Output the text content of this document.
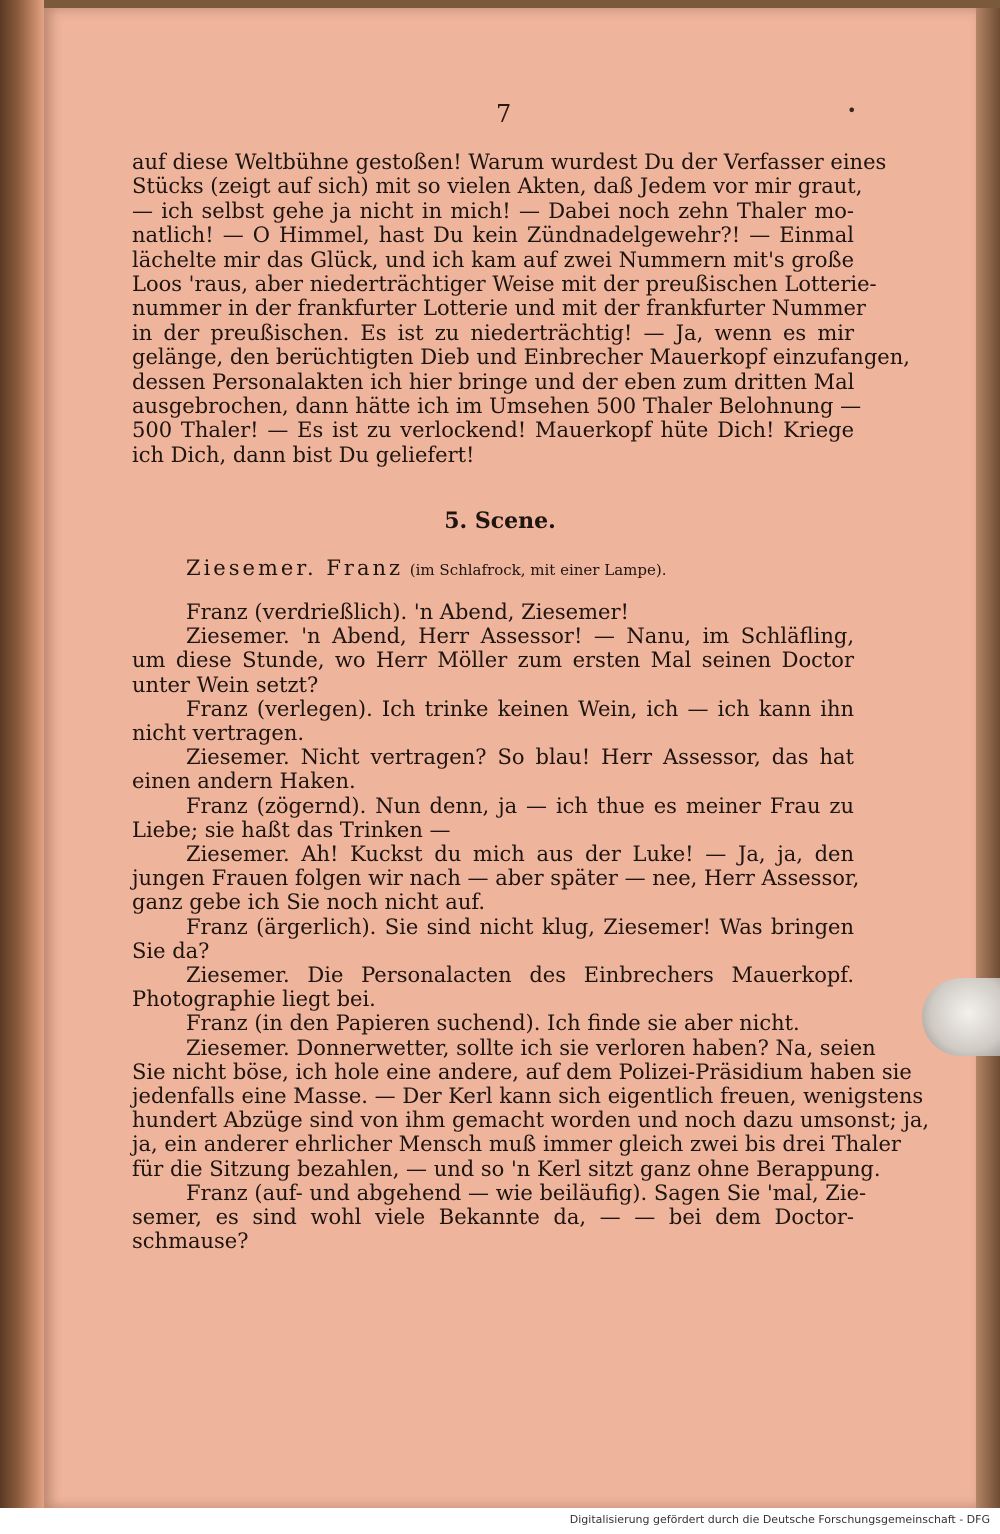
7	•
auf diese Weltbühne gestoßen! Warum wurdest Du der Verfasser eines
Stücks (zeigt auf sich) mit so vielen Akten, daß Jedem vor mir graut,
— ich selbst gehe ja nicht in mich! — Dabei noch zehn Thaler mo-
natlich! — O Himmel, hast Du kein Zündnadelgewehr?! — Einmal
lächelte mir das Glück, und ich kam auf zwei Nummern mit's große
Loos 'raus, aber niederträchtiger Weise mit der preußischen Lotterie-
nummer in der frankfurter Lotterie und mit der frankfurter Nummer
in der preußischen. Es ist zu niederträchtig! — Ja, wenn es mir
gelänge, den berüchtigten Dieb und Einbrecher Mauerkopf einzufangen,
dessen Personalakten ich hier bringe und der eben zum dritten Mal
ausgebrochen, dann hätte ich im Umsehen 500 Thaler Belohnung —
500 Thaler! — Es ist zu verlockend! Mauerkopf hüte Dich! Kriege
ich Dich, dann bist Du geliefert!
5. Scene.
Ziesemer. Franz (im Schlafrock, mit einer Lampe).
Franz (verdrießlich). 'n Abend, Ziesemer!
Ziesemer. 'n Abend, Herr Assessor! — Nanu, im Schläfling,
um diese Stunde, wo Herr Möller zum ersten Mal seinen Doctor
unter Wein setzt?
Franz (verlegen). Ich trinke keinen Wein, ich — ich kann ihn
nicht vertragen.
Ziesemer. Nicht vertragen? So blau! Herr Assessor, das hat
einen andern Haken.
Franz (zögernd). Nun denn, ja — ich thue es meiner Frau zu
Liebe; sie haßt das Trinken —
Ziesemer. Ah! Kuckst du mich aus der Luke! — Ja, ja, den
jungen Frauen folgen wir nach — aber später — nee, Herr Assessor,
ganz gebe ich Sie noch nicht auf.
Franz (ärgerlich). Sie sind nicht klug, Ziesemer! Was bringen
Sie da?
Ziesemer. Die Personalacten des Einbrechers Mauerkopf.
Photographie liegt bei.
Franz (in den Papieren suchend). Ich finde sie aber nicht.
Ziesemer. Donnerwetter, sollte ich sie verloren haben? Na, seien
Sie nicht böse, ich hole eine andere, auf dem Polizei-Präsidium haben sie
jedenfalls eine Masse. — Der Kerl kann sich eigentlich freuen, wenigstens
hundert Abzüge sind von ihm gemacht worden und noch dazu umsonst; ja,
ja, ein anderer ehrlicher Mensch muß immer gleich zwei bis drei Thaler
für die Sitzung bezahlen, — und so 'n Kerl sitzt ganz ohne Berappung.
Franz (auf- und abgehend — wie beiläufig). Sagen Sie 'mal, Zie-
semer, es sind wohl viele Bekannte da, — — bei dem Doctor-
schmause?
Digitalisierung gefördert durch die Deutsche Forschungsgemeinschaft - DFG
